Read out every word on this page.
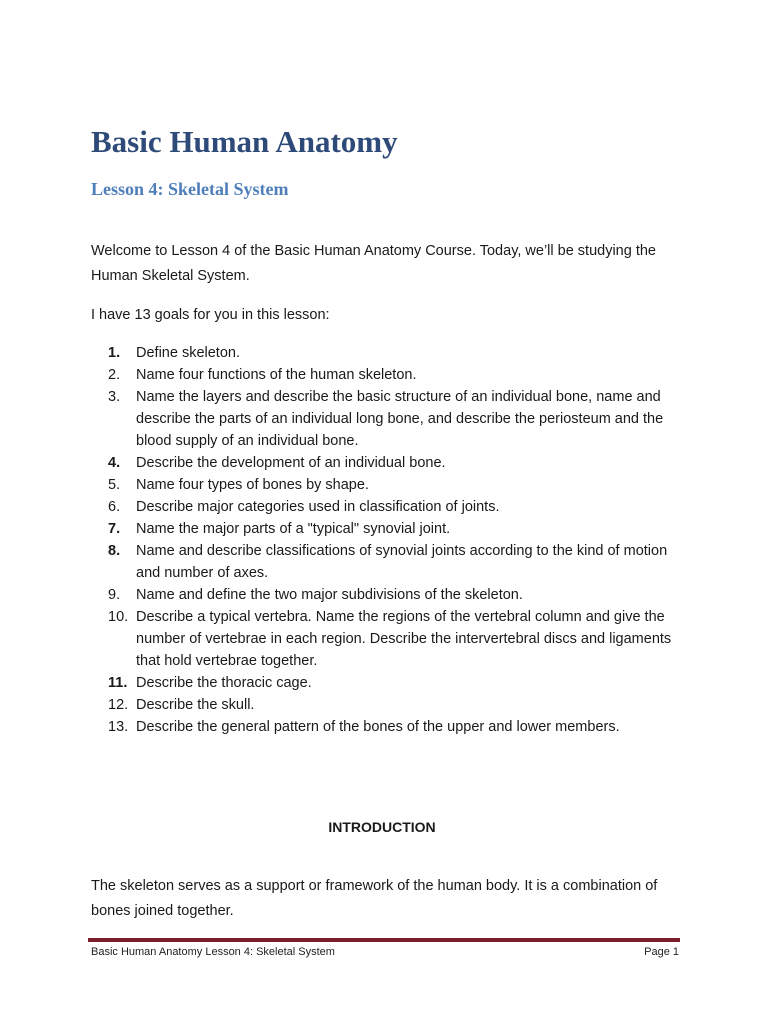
Basic Human Anatomy
Lesson 4: Skeletal System

Welcome to Lesson 4 of the Basic Human Anatomy Course. Today, we’ll be studying the Human Skeletal System.

I have 13 goals for you in this lesson:

1.	Define skeleton.
2.	Name four functions of the human skeleton.
3.	Name the layers and describe the basic structure of an individual bone, name and describe the parts of an individual long bone, and describe the periosteum and the blood supply of an individual bone.
4.	Describe the development of an individual bone.
5.	Name four types of bones by shape.
6.	Describe major categories used in classification of joints.
7.	Name the major parts of a "typical" synovial joint.
8.	Name and describe classifications of synovial joints according to the kind of motion and number of axes.
9.	Name and define the two major subdivisions of the skeleton.
10. Describe a typical vertebra. Name the regions of the vertebral column and give the number of vertebrae in each region. Describe the intervertebral discs and ligaments that hold vertebrae together.
11. Describe the thoracic cage.
12. Describe the skull.
13. Describe the general pattern of the bones of the upper and lower members.
INTRODUCTION

The skeleton serves as a support or framework of the human body. It is a combination of bones joined together.

Basic Human Anatomy Lesson 4: Skeletal System	Page 1
